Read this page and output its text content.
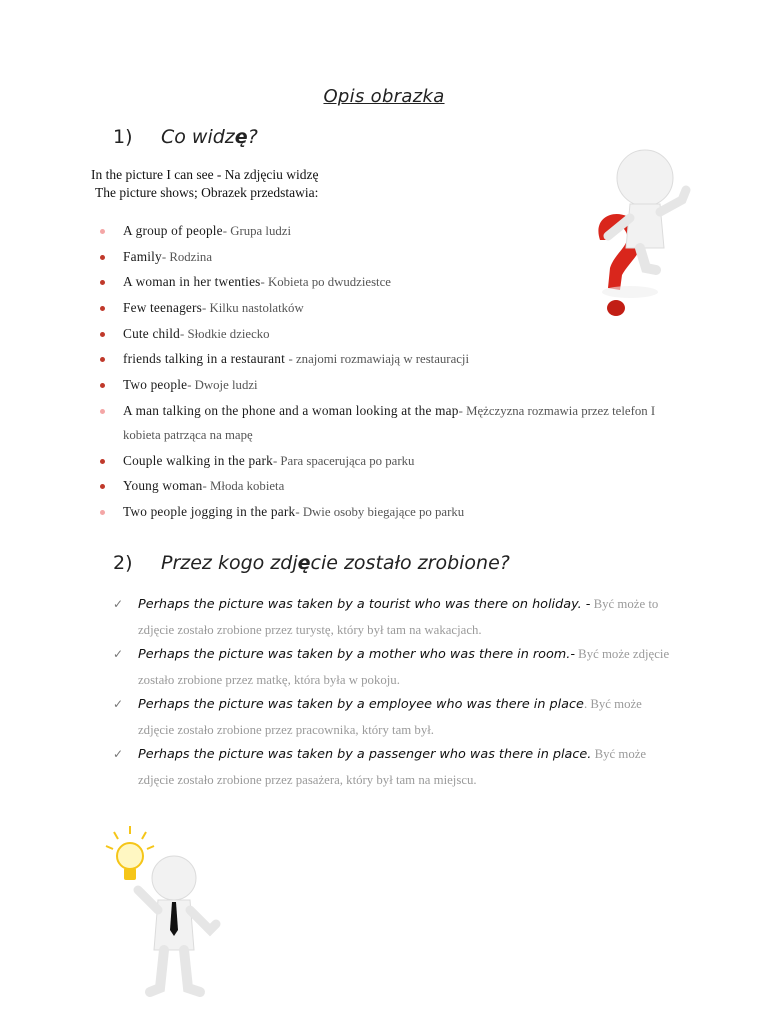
Opis obrazka
1) Co widzę?
In the picture I can see - Na zdjęciu widzę
The picture shows; Obrazek przedstawia:
A group of people- Grupa ludzi
Family- Rodzina
A woman in her twenties- Kobieta po dwudziestce
Few teenagers- Kilku nastolatków
Cute child- Słodkie dziecko
friends talking in a restaurant - znajomi rozmawiają w restauracji
Two people- Dwoje ludzi
A man talking on the phone and a woman looking at the map- Mężczyzna rozmawia przez telefon I kobieta patrząca na mapę
Couple walking in the park- Para spacerująca po parku
Young woman- Młoda kobieta
Two people jogging in the park- Dwie osoby biegające po parku
2) Przez kogo zdjęcie zostało zrobione?
✓ Perhaps the picture was taken by a tourist who was there on holiday. - Być może to zdjęcie zostało zrobione przez turystę, który był tam na wakacjach.
✓ Perhaps the picture was taken by a mother who was there in room.- Być może zdjęcie zostało zrobione przez matkę, która była w pokoju.
✓ Perhaps the picture was taken by a employee who was there in place. Być może zdjęcie zostało zrobione przez pracownika, który tam był.
✓ Perhaps the picture was taken by a passenger who was there in place. Być może zdjęcie zostało zrobione przez pasażera, który był tam na miejscu.
